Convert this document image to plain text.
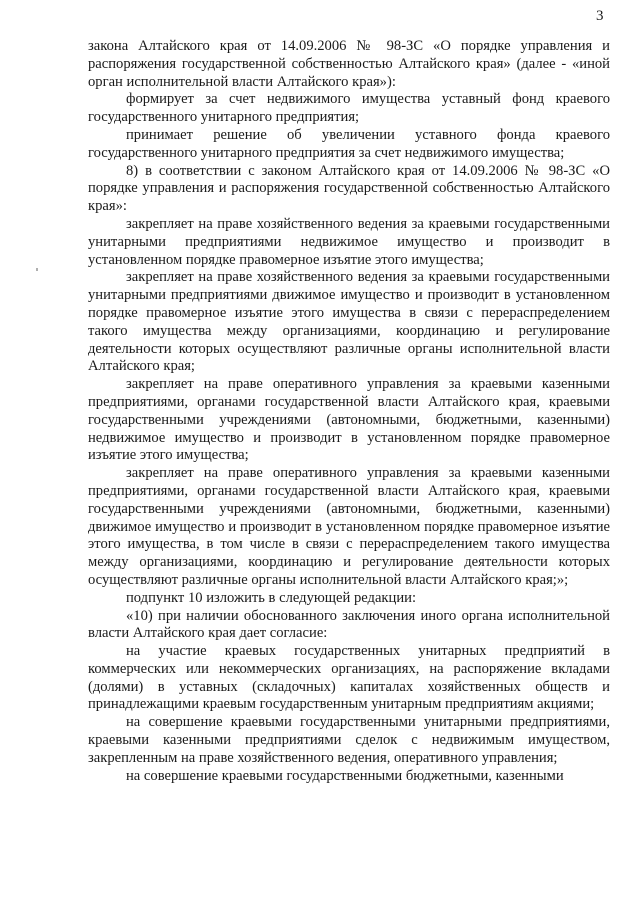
3

закона Алтайского края от 14.09.2006 № 98-ЗС «О порядке управления и распоряжения государственной собственностью Алтайского края» (далее - «иной орган исполнительной власти Алтайского края»):

формирует за счет недвижимого имущества уставный фонд краевого государственного унитарного предприятия;

принимает решение об увеличении уставного фонда краевого государственного унитарного предприятия за счет недвижимого имущества;

8) в соответствии с законом Алтайского края от 14.09.2006 № 98-ЗС «О порядке управления и распоряжения государственной собственностью Алтайского края»:

закрепляет на праве хозяйственного ведения за краевыми государственными унитарными предприятиями недвижимое имущество и производит в установленном порядке правомерное изъятие этого имущества;

закрепляет на праве хозяйственного ведения за краевыми государственными унитарными предприятиями движимое имущество и производит в установленном порядке правомерное изъятие этого имущества в связи с перераспределением такого имущества между организациями, координацию и регулирование деятельности которых осуществляют различные органы исполнительной власти Алтайского края;

закрепляет на праве оперативного управления за краевыми казенными предприятиями, органами государственной власти Алтайского края, краевыми государственными учреждениями (автономными, бюджетными, казенными) недвижимое имущество и производит в установленном порядке правомерное изъятие этого имущества;

закрепляет на праве оперативного управления за краевыми казенными предприятиями, органами государственной власти Алтайского края, краевыми государственными учреждениями (автономными, бюджетными, казенными) движимое имущество и производит в установленном порядке правомерное изъятие этого имущества, в том числе в связи с перераспределением такого имущества между организациями, координацию и регулирование деятельности которых осуществляют различные органы исполнительной власти Алтайского края;»;

подпункт 10 изложить в следующей редакции:

«10) при наличии обоснованного заключения иного органа исполнительной власти Алтайского края дает согласие:

на участие краевых государственных унитарных предприятий в коммерческих или некоммерческих организациях, на распоряжение вкладами (долями) в уставных (складочных) капиталах хозяйственных обществ и принадлежащими краевым государственным унитарным предприятиям акциями;

на совершение краевыми государственными унитарными предприятиями, краевыми казенными предприятиями сделок с недвижимым имуществом, закрепленным на праве хозяйственного ведения, оперативного управления;

на совершение краевыми государственными бюджетными, казенными
